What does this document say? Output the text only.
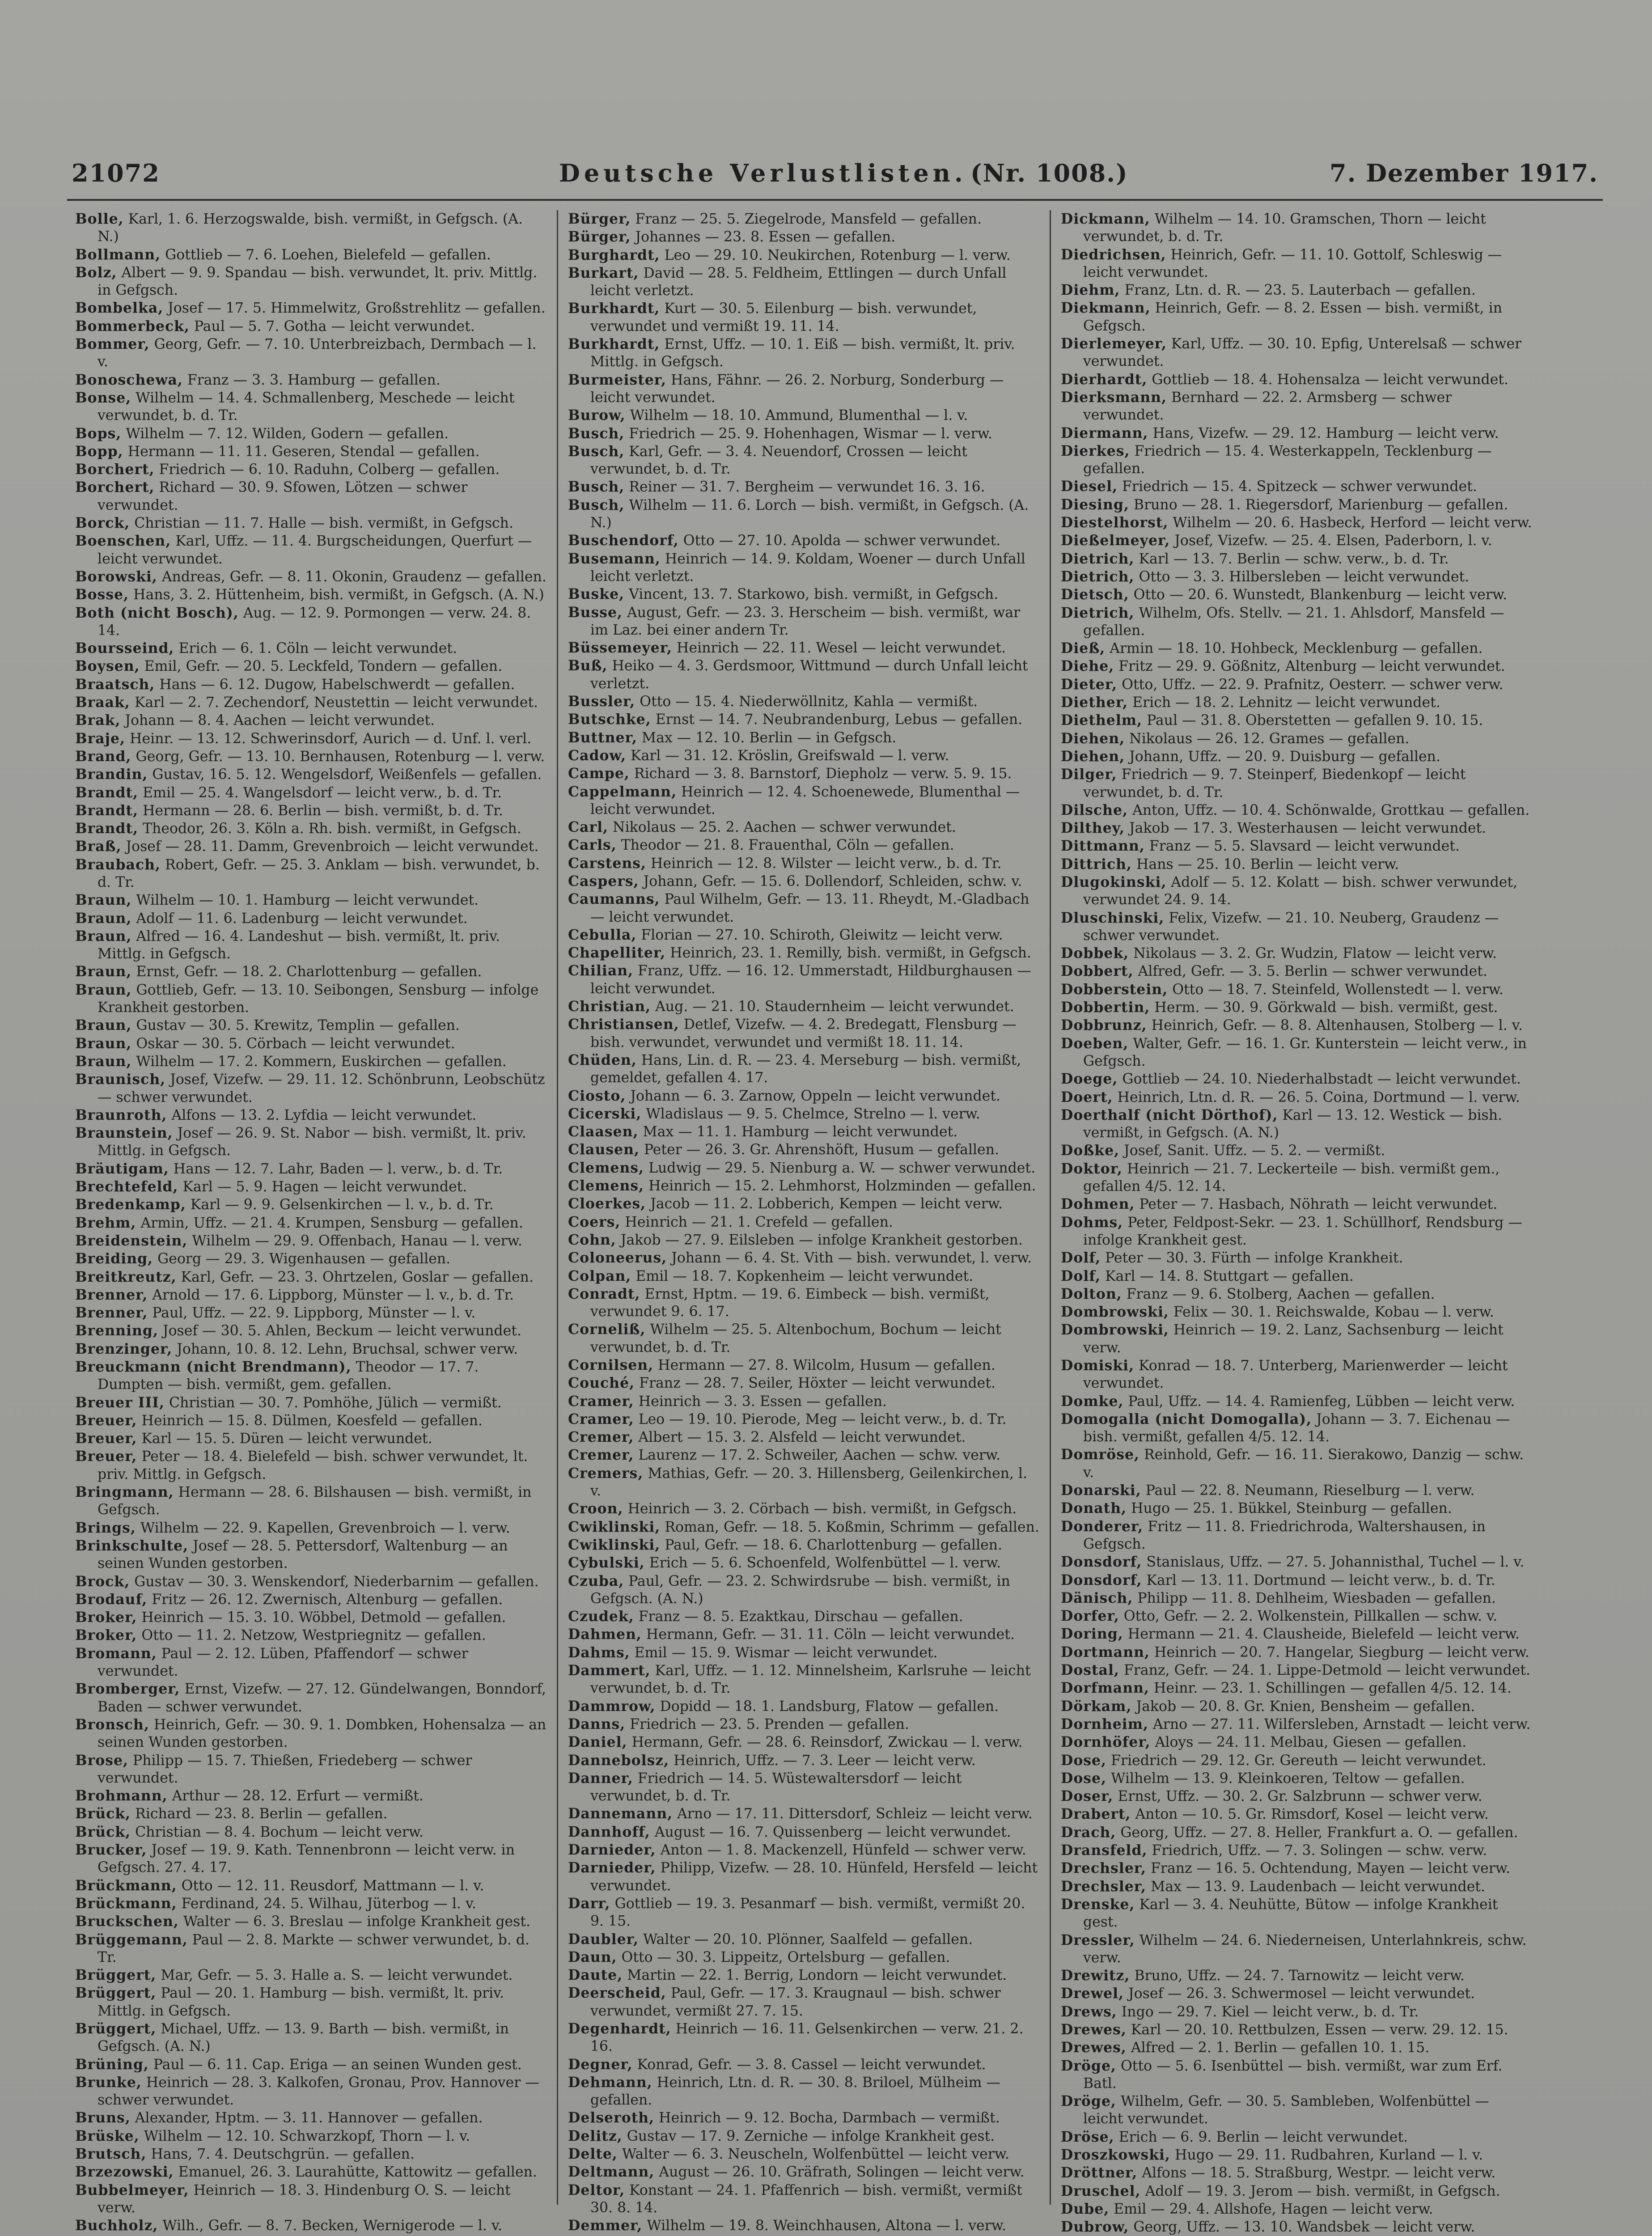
21072	Deutsche Verlustlisten. (Nr. 1008.)	7. Dezember 1917.
Bolle, Karl, 1. 6. Herzogswalde, bish. vermißt, in Gefgsch. (A. N.)
Bollmann, Gottlieb — 7. 6. Loehen, Bielefeld — gefallen.
Bolz, Albert — 9. 9. Spandau — bish. verwundet, lt. priv. Mittlg. in Gefgsch.
Bombelka, Josef — 17. 5. Himmelwitz, Großstrehlitz — gefallen.
Bommerbeck, Paul — 5. 7. Gotha — leicht verwundet.
Bommer, Georg, Gefr. — 7. 10. Unterbreizbach, Dermbach — l. v.
Bonoschewa, Franz — 3. 3. Hamburg — gefallen.
Bonse, Wilhelm — 14. 4. Schmallenberg, Meschede — leicht verwundet, b. d. Tr.
Bops, Wilhelm — 7. 12. Wilden, Godern — gefallen.
Bopp, Hermann — 11. 11. Geseren, Stendal — gefallen.
Borchert, Friedrich — 6. 10. Raduhn, Colberg — gefallen.
Borchert, Richard — 30. 9. Sfowen, Lötzen — schwer verwundet.
Borck, Christian — 11. 7. Halle — bish. vermißt, in Gefgsch.
Boenschen, Karl, Uffz. — 11. 4. Burgscheidungen, Querfurt — leicht verwundet.
Borowski, Andreas, Gefr. — 8. 11. Okonin, Graudenz — gefallen.
Bosse, Hans, 3. 2. Hüttenheim, bish. vermißt, in Gefgsch. (A. N.)
Both (nicht Bosch), Aug. — 12. 9. Pormongen — verw. 24. 8. 14.
Boursseind, Erich — 6. 1. Cöln — leicht verwundet.
Boysen, Emil, Gefr. — 20. 5. Leckfeld, Tondern — gefallen.
Braatsch, Hans — 6. 12. Dugow, Habelschwerdt — gefallen.
Braak, Karl — 2. 7. Zechendorf, Neustettin — leicht verwundet.
Brak, Johann — 8. 4. Aachen — leicht verwundet.
Braje, Heinr. — 13. 12. Schwerinsdorf, Aurich — d. Unf. l. verl.
Brand, Georg, Gefr. — 13. 10. Bernhausen, Rotenburg — l. verw.
Brandin, Gustav, 16. 5. 12. Wengelsdorf, Weißenfels — gefallen.
Brandt, Emil — 25. 4. Wangelsdorf — leicht verw., b. d. Tr.
Brandt, Hermann — 28. 6. Berlin — bish. vermißt, b. d. Tr.
Brandt, Theodor, 26. 3. Köln a. Rh. bish. vermißt, in Gefgsch.
Braß, Josef — 28. 11. Damm, Grevenbroich — leicht verwundet.
Braubach, Robert, Gefr. — 25. 3. Anklam — bish. verwundet, b. d. Tr.
Braun, Wilhelm — 10. 1. Hamburg — leicht verwundet.
Braun, Adolf — 11. 6. Ladenburg — leicht verwundet.
Braun, Alfred — 16. 4. Landeshut — bish. vermißt, lt. priv. Mittlg. in Gefgsch.
Braun, Ernst, Gefr. — 18. 2. Charlottenburg — gefallen.
Braun, Gottlieb, Gefr. — 13. 10. Seibongen, Sensburg — infolge Krankheit gestorben.
Braun, Gustav — 30. 5. Krewitz, Templin — gefallen.
Braun, Oskar — 30. 5. Cörbach — leicht verwundet.
Braun, Wilhelm — 17. 2. Kommern, Euskirchen — gefallen.
Braunisch, Josef, Vizefw. — 29. 11. 12. Schönbrunn, Leobschütz — schwer verwundet.
Braunroth, Alfons — 13. 2. Lyfdia — leicht verwundet.
Braunstein, Josef — 26. 9. St. Nabor — bish. vermißt, lt. priv. Mittlg. in Gefgsch.
Bräutigam, Hans — 12. 7. Lahr, Baden — l. verw., b. d. Tr.
Brechtefeld, Karl — 5. 9. Hagen — leicht verwundet.
Bredenkamp, Karl — 9. 9. Gelsenkirchen — l. v., b. d. Tr.
Brehm, Armin, Uffz. — 21. 4. Krumpen, Sensburg — gefallen.
Breidenstein, Wilhelm — 29. 9. Offenbach, Hanau — l. verw.
Breiding, Georg — 29. 3. Wigenhausen — gefallen.
Breitkreutz, Karl, Gefr. — 23. 3. Ohrtzelen, Goslar — gefallen.
Brenner, Arnold — 17. 6. Lippborg, Münster — l. v., b. d. Tr.
Brenner, Paul, Uffz. — 22. 9. Lippborg, Münster — l. v.
Brenning, Josef — 30. 5. Ahlen, Beckum — leicht verwundet.
Brenzinger, Johann, 10. 8. 12. Lehn, Bruchsal, schwer verw.
Breuckmann (nicht Brendmann), Theodor — 17. 7. Dumpten — bish. vermißt, gem. gefallen.
Breuer III, Christian — 30. 7. Pomhöhe, Jülich — vermißt.
Breuer, Heinrich — 15. 8. Dülmen, Koesfeld — gefallen.
Breuer, Karl — 15. 5. Düren — leicht verwundet.
Breuer, Peter — 18. 4. Bielefeld — bish. schwer verwundet, lt. priv. Mittlg. in Gefgsch.
Bringmann, Hermann — 28. 6. Bilshausen — bish. vermißt, in Gefgsch.
Brings, Wilhelm — 22. 9. Kapellen, Grevenbroich — l. verw.
Brinkschulte, Josef — 28. 5. Pettersdorf, Waltenburg — an seinen Wunden gestorben.
Brock, Gustav — 30. 3. Wenskendorf, Niederbarnim — gefallen.
Brodauf, Fritz — 26. 12. Zwernisch, Altenburg — gefallen.
Broker, Heinrich — 15. 3. 10. Wöbbel, Detmold — gefallen.
Broker, Otto — 11. 2. Netzow, Westpriegnitz — gefallen.
Bromann, Paul — 2. 12. Lüben, Pfaffendorf — schwer verwundet.
Bromberger, Ernst, Vizefw. — 27. 12. Gündelwangen, Bonndorf, Baden — schwer verwundet.
Bronsch, Heinrich, Gefr. — 30. 9. 1. Dombken, Hohensalza — an seinen Wunden gestorben.
Brose, Philipp — 15. 7. Thießen, Friedeberg — schwer verwundet.
Brohmann, Arthur — 28. 12. Erfurt — vermißt.
Brück, Richard — 23. 8. Berlin — gefallen.
Brück, Christian — 8. 4. Bochum — leicht verw.
Brucker, Josef — 19. 9. Kath. Tennenbronn — leicht verw. in Gefgsch. 27. 4. 17.
Brückmann, Otto — 12. 11. Reusdorf, Mattmann — l. v.
Brückmann, Ferdinand, 24. 5. Wilhau, Jüterbog — l. v.
Bruckschen, Walter — 6. 3. Breslau — infolge Krankheit gest.
Brüggemann, Paul — 2. 8. Markte — schwer verwundet, b. d. Tr.
Brüggert, Mar, Gefr. — 5. 3. Halle a. S. — leicht verwundet.
Brüggert, Paul — 20. 1. Hamburg — bish. vermißt, lt. priv. Mittlg. in Gefgsch.
Brüggert, Michael, Uffz. — 13. 9. Barth — bish. vermißt, in Gefgsch. (A. N.)
Brüning, Paul — 6. 11. Cap. Eriga — an seinen Wunden gest.
Brunke, Heinrich — 28. 3. Kalkofen, Gronau, Prov. Hannover — schwer verwundet.
Bruns, Alexander, Hptm. — 3. 11. Hannover — gefallen.
Brüske, Wilhelm — 12. 10. Schwarzkopf, Thorn — l. v.
Brutsch, Hans, 7. 4. Deutschgrün. — gefallen.
Brzezowski, Emanuel, 26. 3. Laurahütte, Kattowitz — gefallen.
Bubbelmeyer, Heinrich — 18. 3. Hindenburg O. S. — leicht verw.
Buchholz, Wilh., Gefr. — 8. 7. Becken, Wernigerode — l. v.
Bürger, Franz — 25. 5. Ziegelrode, Mansfeld — gefallen.
Bürger, Johannes — 23. 8. Essen — gefallen.
Burghardt, Leo — 29. 10. Neukirchen, Rotenburg — l. verw.
Burkart, David — 28. 5. Feldheim, Ettlingen — durch Unfall leicht verletzt.
Burkhardt, Kurt — 30. 5. Eilenburg — bish. verwundet, verwundet und vermißt 19. 11. 14.
Burkhardt, Ernst, Uffz. — 10. 1. Eiß — bish. vermißt, lt. priv. Mittlg. in Gefgsch.
Burmeister, Hans, Fähnr. — 26. 2. Norburg, Sonderburg — leicht verwundet.
Burow, Wilhelm — 18. 10. Ammund, Blumenthal — l. v.
Busch, Friedrich — 25. 9. Hohenhagen, Wismar — l. verw.
Busch, Karl, Gefr. — 3. 4. Neuendorf, Crossen — leicht verwundet, b. d. Tr.
Busch, Reiner — 31. 7. Bergheim — verwundet 16. 3. 16.
Busch, Wilhelm — 11. 6. Lorch — bish. vermißt, in Gefgsch. (A. N.)
Buschendorf, Otto — 27. 10. Apolda — schwer verwundet.
Busemann, Heinrich — 14. 9. Koldam, Woener — durch Unfall leicht verletzt.
Buske, Vincent, 13. 7. Starkowo, bish. vermißt, in Gefgsch.
Busse, August, Gefr. — 23. 3. Herscheim — bish. vermißt, war im Laz. bei einer andern Tr.
Büssemeyer, Heinrich — 22. 11. Wesel — leicht verwundet.
Buß, Heiko — 4. 3. Gerdsmoor, Wittmund — durch Unfall leicht verletzt.
Bussler, Otto — 15. 4. Niederwöllnitz, Kahla — vermißt.
Butschke, Ernst — 14. 7. Neubrandenburg, Lebus — gefallen.
Buttner, Max — 12. 10. Berlin — in Gefgsch.
Cadow, Karl — 31. 12. Kröslin, Greifswald — l. verw.
Campe, Richard — 3. 8. Barnstorf, Diepholz — verw. 5. 9. 15.
Cappelmann, Heinrich — 12. 4. Schoenewede, Blumenthal — leicht verwundet.
Carl, Nikolaus — 25. 2. Aachen — schwer verwundet.
Carls, Theodor — 21. 8. Frauenthal, Cöln — gefallen.
Carstens, Heinrich — 12. 8. Wilster — leicht verw., b. d. Tr.
Caspers, Johann, Gefr. — 15. 6. Dollendorf, Schleiden, schw. v.
Caumanns, Paul Wilhelm, Gefr. — 13. 11. Rheydt, M.-Gladbach — leicht verwundet.
Cebulla, Florian — 27. 10. Schiroth, Gleiwitz — leicht verw.
Chapelliter, Heinrich, 23. 1. Remilly, bish. vermißt, in Gefgsch.
Chilian, Franz, Uffz. — 16. 12. Ummerstadt, Hildburghausen — leicht verwundet.
Christian, Aug. — 21. 10. Staudernheim — leicht verwundet.
Christiansen, Detlef, Vizefw. — 4. 2. Bredegatt, Flensburg — bish. verwundet, verwundet und vermißt 18. 11. 14.
Chüden, Hans, Lin. d. R. — 23. 4. Merseburg — bish. vermißt, gemeldet, gefallen 4. 17.
Ciosto, Johann — 6. 3. Zarnow, Oppeln — leicht verwundet.
Cicerski, Wladislaus — 9. 5. Chelmce, Strelno — l. verw.
Claasen, Max — 11. 1. Hamburg — leicht verwundet.
Clausen, Peter — 26. 3. Gr. Ahrenshöft, Husum — gefallen.
Clemens, Ludwig — 29. 5. Nienburg a. W. — schwer verwundet.
Clemens, Heinrich — 15. 2. Lehmhorst, Holzminden — gefallen.
Cloerkes, Jacob — 11. 2. Lobberich, Kempen — leicht verw.
Coers, Heinrich — 21. 1. Crefeld — gefallen.
Cohn, Jakob — 27. 9. Eilsleben — infolge Krankheit gestorben.
Coloneerus, Johann — 6. 4. St. Vith — bish. verwundet, l. verw.
Colpan, Emil — 18. 7. Kopkenheim — leicht verwundet.
Conradt, Ernst, Hptm. — 19. 6. Eimbeck — bish. vermißt, verwundet 9. 6. 17.
Corneliß, Wilhelm — 25. 5. Altenbochum, Bochum — leicht verwundet, b. d. Tr.
Cornilsen, Hermann — 27. 8. Wilcolm, Husum — gefallen.
Couché, Franz — 28. 7. Seiler, Höxter — leicht verwundet.
Cramer, Heinrich — 3. 3. Essen — gefallen.
Cramer, Leo — 19. 10. Pierode, Meg — leicht verw., b. d. Tr.
Cremer, Albert — 15. 3. 2. Alsfeld — leicht verwundet.
Cremer, Laurenz — 17. 2. Schweiler, Aachen — schw. verw.
Cremers, Mathias, Gefr. — 20. 3. Hillensberg, Geilenkirchen, l. v.
Croon, Heinrich — 3. 2. Cörbach — bish. vermißt, in Gefgsch.
Cwiklinski, Roman, Gefr. — 18. 5. Koßmin, Schrimm — gefallen.
Cwiklinski, Paul, Gefr. — 18. 6. Charlottenburg — gefallen.
Cybulski, Erich — 5. 6. Schoenfeld, Wolfenbüttel — l. verw.
Czuba, Paul, Gefr. — 23. 2. Schwirdsrube — bish. vermißt, in Gefgsch. (A. N.)
Czudek, Franz — 8. 5. Ezaktkau, Dirschau — gefallen.
Dahmen, Hermann, Gefr. — 31. 11. Cöln — leicht verwundet.
Dahms, Emil — 15. 9. Wismar — leicht verwundet.
Dammert, Karl, Uffz. — 1. 12. Minnelsheim, Karlsruhe — leicht verwundet, b. d. Tr.
Dammrow, Dopidd — 18. 1. Landsburg, Flatow — gefallen.
Danns, Friedrich — 23. 5. Prenden — gefallen.
Daniel, Hermann, Gefr. — 28. 6. Reinsdorf, Zwickau — l. verw.
Dannebolsz, Heinrich, Uffz. — 7. 3. Leer — leicht verw.
Danner, Friedrich — 14. 5. Wüstewaltersdorf — leicht verwundet, b. d. Tr.
Dannemann, Arno — 17. 11. Dittersdorf, Schleiz — leicht verw.
Dannhoff, August — 16. 7. Quissenberg — leicht verwundet.
Darnieder, Anton — 1. 8. Mackenzell, Hünfeld — schwer verw.
Darnieder, Philipp, Vizefw. — 28. 10. Hünfeld, Hersfeld — leicht verwundet.
Darr, Gottlieb — 19. 3. Pesanmarf — bish. vermißt, vermißt 20. 9. 15.
Daubler, Walter — 20. 10. Plönner, Saalfeld — gefallen.
Daun, Otto — 30. 3. Lippeitz, Ortelsburg — gefallen.
Daute, Martin — 22. 1. Berrig, Londorn — leicht verwundet.
Deerscheid, Paul, Gefr. — 17. 3. Kraugnaul — bish. schwer verwundet, vermißt 27. 7. 15.
Degenhardt, Heinrich — 16. 11. Gelsenkirchen — verw. 21. 2. 16.
Degner, Konrad, Gefr. — 3. 8. Cassel — leicht verwundet.
Dehmann, Heinrich, Ltn. d. R. — 30. 8. Briloel, Mülheim — gefallen.
Delseroth, Heinrich — 9. 12. Bocha, Darmbach — vermißt.
Delitz, Gustav — 17. 9. Zerniche — infolge Krankheit gest.
Delte, Walter — 6. 3. Neuscheln, Wolfenbüttel — leicht verw.
Deltmann, August — 26. 10. Gräfrath, Solingen — leicht verw.
Deltor, Konstant — 24. 1. Pfaffenrich — bish. vermißt, vermißt 30. 8. 14.
Demmer, Wilhelm — 19. 8. Weinchhausen, Altona — l. verw.
Dickmann, Wilhelm — 14. 10. Gramschen, Thorn — leicht verwundet, b. d. Tr.
Diedrichsen, Heinrich, Gefr. — 11. 10. Gottolf, Schleswig — leicht verwundet.
Diehm, Franz, Ltn. d. R. — 23. 5. Lauterbach — gefallen.
Diekmann, Heinrich, Gefr. — 8. 2. Essen — bish. vermißt, in Gefgsch.
Dierlemeyer, Karl, Uffz. — 30. 10. Epfig, Unterelsaß — schwer verwundet.
Dierhardt, Gottlieb — 18. 4. Hohensalza — leicht verwundet.
Dierksmann, Bernhard — 22. 2. Armsberg — schwer verwundet.
Diermann, Hans, Vizefw. — 29. 12. Hamburg — leicht verw.
Dierkes, Friedrich — 15. 4. Westerkappeln, Tecklenburg — gefallen.
Diesel, Friedrich — 15. 4. Spitzeck — schwer verwundet.
Diesing, Bruno — 28. 1. Riegersdorf, Marienburg — gefallen.
Diestelhorst, Wilhelm — 20. 6. Hasbeck, Herford — leicht verw.
Dießelmeyer, Josef, Vizefw. — 25. 4. Elsen, Paderborn, l. v.
Dietrich, Karl — 13. 7. Berlin — schw. verw., b. d. Tr.
Dietrich, Otto — 3. 3. Hilbersleben — leicht verwundet.
Dietsch, Otto — 20. 6. Wunstedt, Blankenburg — leicht verw.
Dietrich, Wilhelm, Ofs. Stellv. — 21. 1. Ahlsdorf, Mansfeld — gefallen.
Dieß, Armin — 18. 10. Hohbeck, Mecklenburg — gefallen.
Diehe, Fritz — 29. 9. Gößnitz, Altenburg — leicht verwundet.
Dieter, Otto, Uffz. — 22. 9. Prafnitz, Oesterr. — schwer verw.
Diether, Erich — 18. 2. Lehnitz — leicht verwundet.
Diethelm, Paul — 31. 8. Oberstetten — gefallen 9. 10. 15.
Diehen, Nikolaus — 26. 12. Grames — gefallen.
Diehen, Johann, Uffz. — 20. 9. Duisburg — gefallen.
Dilger, Friedrich — 9. 7. Steinperf, Biedenkopf — leicht verwundet, b. d. Tr.
Dilsche, Anton, Uffz. — 10. 4. Schönwalde, Grottkau — gefallen.
Dilthey, Jakob — 17. 3. Westerhausen — leicht verwundet.
Dittmann, Franz — 5. 5. Slavsard — leicht verwundet.
Dittrich, Hans — 25. 10. Berlin — leicht verw.
Dlugokinski, Adolf — 5. 12. Kolatt — bish. schwer verwundet, verwundet 24. 9. 14.
Dluschinski, Felix, Vizefw. — 21. 10. Neuberg, Graudenz — schwer verwundet.
Dobbek, Nikolaus — 3. 2. Gr. Wudzin, Flatow — leicht verw.
Dobbert, Alfred, Gefr. — 3. 5. Berlin — schwer verwundet.
Dobberstein, Otto — 18. 7. Steinfeld, Wollenstedt — l. verw.
Dobbertin, Herm. — 30. 9. Görkwald — bish. vermißt, gest.
Dobbrunz, Heinrich, Gefr. — 8. 8. Altenhausen, Stolberg — l. v.
Doeben, Walter, Gefr. — 16. 1. Gr. Kunterstein — leicht verw., in Gefgsch.
Doege, Gottlieb — 24. 10. Niederhalbstadt — leicht verwundet.
Doert, Heinrich, Ltn. d. R. — 26. 5. Coina, Dortmund — l. verw.
Doerthalf (nicht Dörthof), Karl — 13. 12. Westick — bish. vermißt, in Gefgsch. (A. N.)
Doßke, Josef, Sanit. Uffz. — 5. 2. — vermißt.
Doktor, Heinrich — 21. 7. Leckerteile — bish. vermißt gem., gefallen 4/5. 12. 14.
Dohmen, Peter — 7. Hasbach, Nöhrath — leicht verwundet.
Dohms, Peter, Feldpost-Sekr. — 23. 1. Schüllhorf, Rendsburg — infolge Krankheit gest.
Dolf, Peter — 30. 3. Fürth — infolge Krankheit.
Dolf, Karl — 14. 8. Stuttgart — gefallen.
Dolton, Franz — 9. 6. Stolberg, Aachen — gefallen.
Dombrowski, Felix — 30. 1. Reichswalde, Kobau — l. verw.
Dombrowski, Heinrich — 19. 2. Lanz, Sachsenburg — leicht verw.
Domiski, Konrad — 18. 7. Unterberg, Marienwerder — leicht verwundet.
Domke, Paul, Uffz. — 14. 4. Ramienfeg, Lübben — leicht verw.
Domogalla (nicht Domogalla), Johann — 3. 7. Eichenau — bish. vermißt, gefallen 4/5. 12. 14.
Domröse, Reinhold, Gefr. — 16. 11. Sierakowo, Danzig — schw. v.
Donarski, Paul — 22. 8. Neumann, Rieselburg — l. verw.
Donath, Hugo — 25. 1. Bükkel, Steinburg — gefallen.
Donderer, Fritz — 11. 8. Friedrichroda, Waltershausen, in Gefgsch.
Donsdorf, Stanislaus, Uffz. — 27. 5. Johannisthal, Tuchel — l. v.
Donsdorf, Karl — 13. 11. Dortmund — leicht verw., b. d. Tr.
Dänisch, Philipp — 11. 8. Dehlheim, Wiesbaden — gefallen.
Dorfer, Otto, Gefr. — 2. 2. Wolkenstein, Pillkallen — schw. v.
Doring, Hermann — 21. 4. Clausheide, Bielefeld — leicht verw.
Dortmann, Heinrich — 20. 7. Hangelar, Siegburg — leicht verw.
Dostal, Franz, Gefr. — 24. 1. Lippe-Detmold — leicht verwundet.
Dorfmann, Heinr. — 23. 1. Schillingen — gefallen 4/5. 12. 14.
Dörkam, Jakob — 20. 8. Gr. Knien, Bensheim — gefallen.
Dornheim, Arno — 27. 11. Wilfersleben, Arnstadt — leicht verw.
Dornhöfer, Aloys — 24. 11. Melbau, Giesen — gefallen.
Dose, Friedrich — 29. 12. Gr. Gereuth — leicht verwundet.
Dose, Wilhelm — 13. 9. Kleinkoeren, Teltow — gefallen.
Doser, Ernst, Uffz. — 30. 2. Gr. Salzbrunn — schwer verw.
Drabert, Anton — 10. 5. Gr. Rimsdorf, Kosel — leicht verw.
Drach, Georg, Uffz. — 27. 8. Heller, Frankfurt a. O. — gefallen.
Dransfeld, Friedrich, Uffz. — 7. 3. Solingen — schw. verw.
Drechsler, Franz — 16. 5. Ochtendung, Mayen — leicht verw.
Drechsler, Max — 13. 9. Laudenbach — leicht verwundet.
Drenske, Karl — 3. 4. Neuhütte, Bütow — infolge Krankheit gest.
Dressler, Wilhelm — 24. 6. Niederneisen, Unterlahnkreis, schw. verw.
Drewitz, Bruno, Uffz. — 24. 7. Tarnowitz — leicht verw.
Drewel, Josef — 26. 3. Schwermosel — leicht verwundet.
Drews, Ingo — 29. 7. Kiel — leicht verw., b. d. Tr.
Drewes, Karl — 20. 10. Rettbulzen, Essen — verw. 29. 12. 15.
Drewes, Alfred — 2. 1. Berlin — gefallen 10. 1. 15.
Dröge, Otto — 5. 6. Isenbüttel — bish. vermißt, war zum Erf. Batl.
Dröge, Wilhelm, Gefr. — 30. 5. Sambleben, Wolfenbüttel — leicht verwundet.
Dröse, Erich — 6. 9. Berlin — leicht verwundet.
Droszkowski, Hugo — 29. 11. Rudbahren, Kurland — l. v.
Dröttner, Alfons — 18. 5. Straßburg, Westpr. — leicht verw.
Druschel, Adolf — 19. 3. Jerom — bish. vermißt, in Gefgsch.
Dube, Emil — 29. 4. Allshofe, Hagen — leicht verw.
Dubrow, Georg, Uffz. — 13. 10. Wandsbek — leicht verw.
